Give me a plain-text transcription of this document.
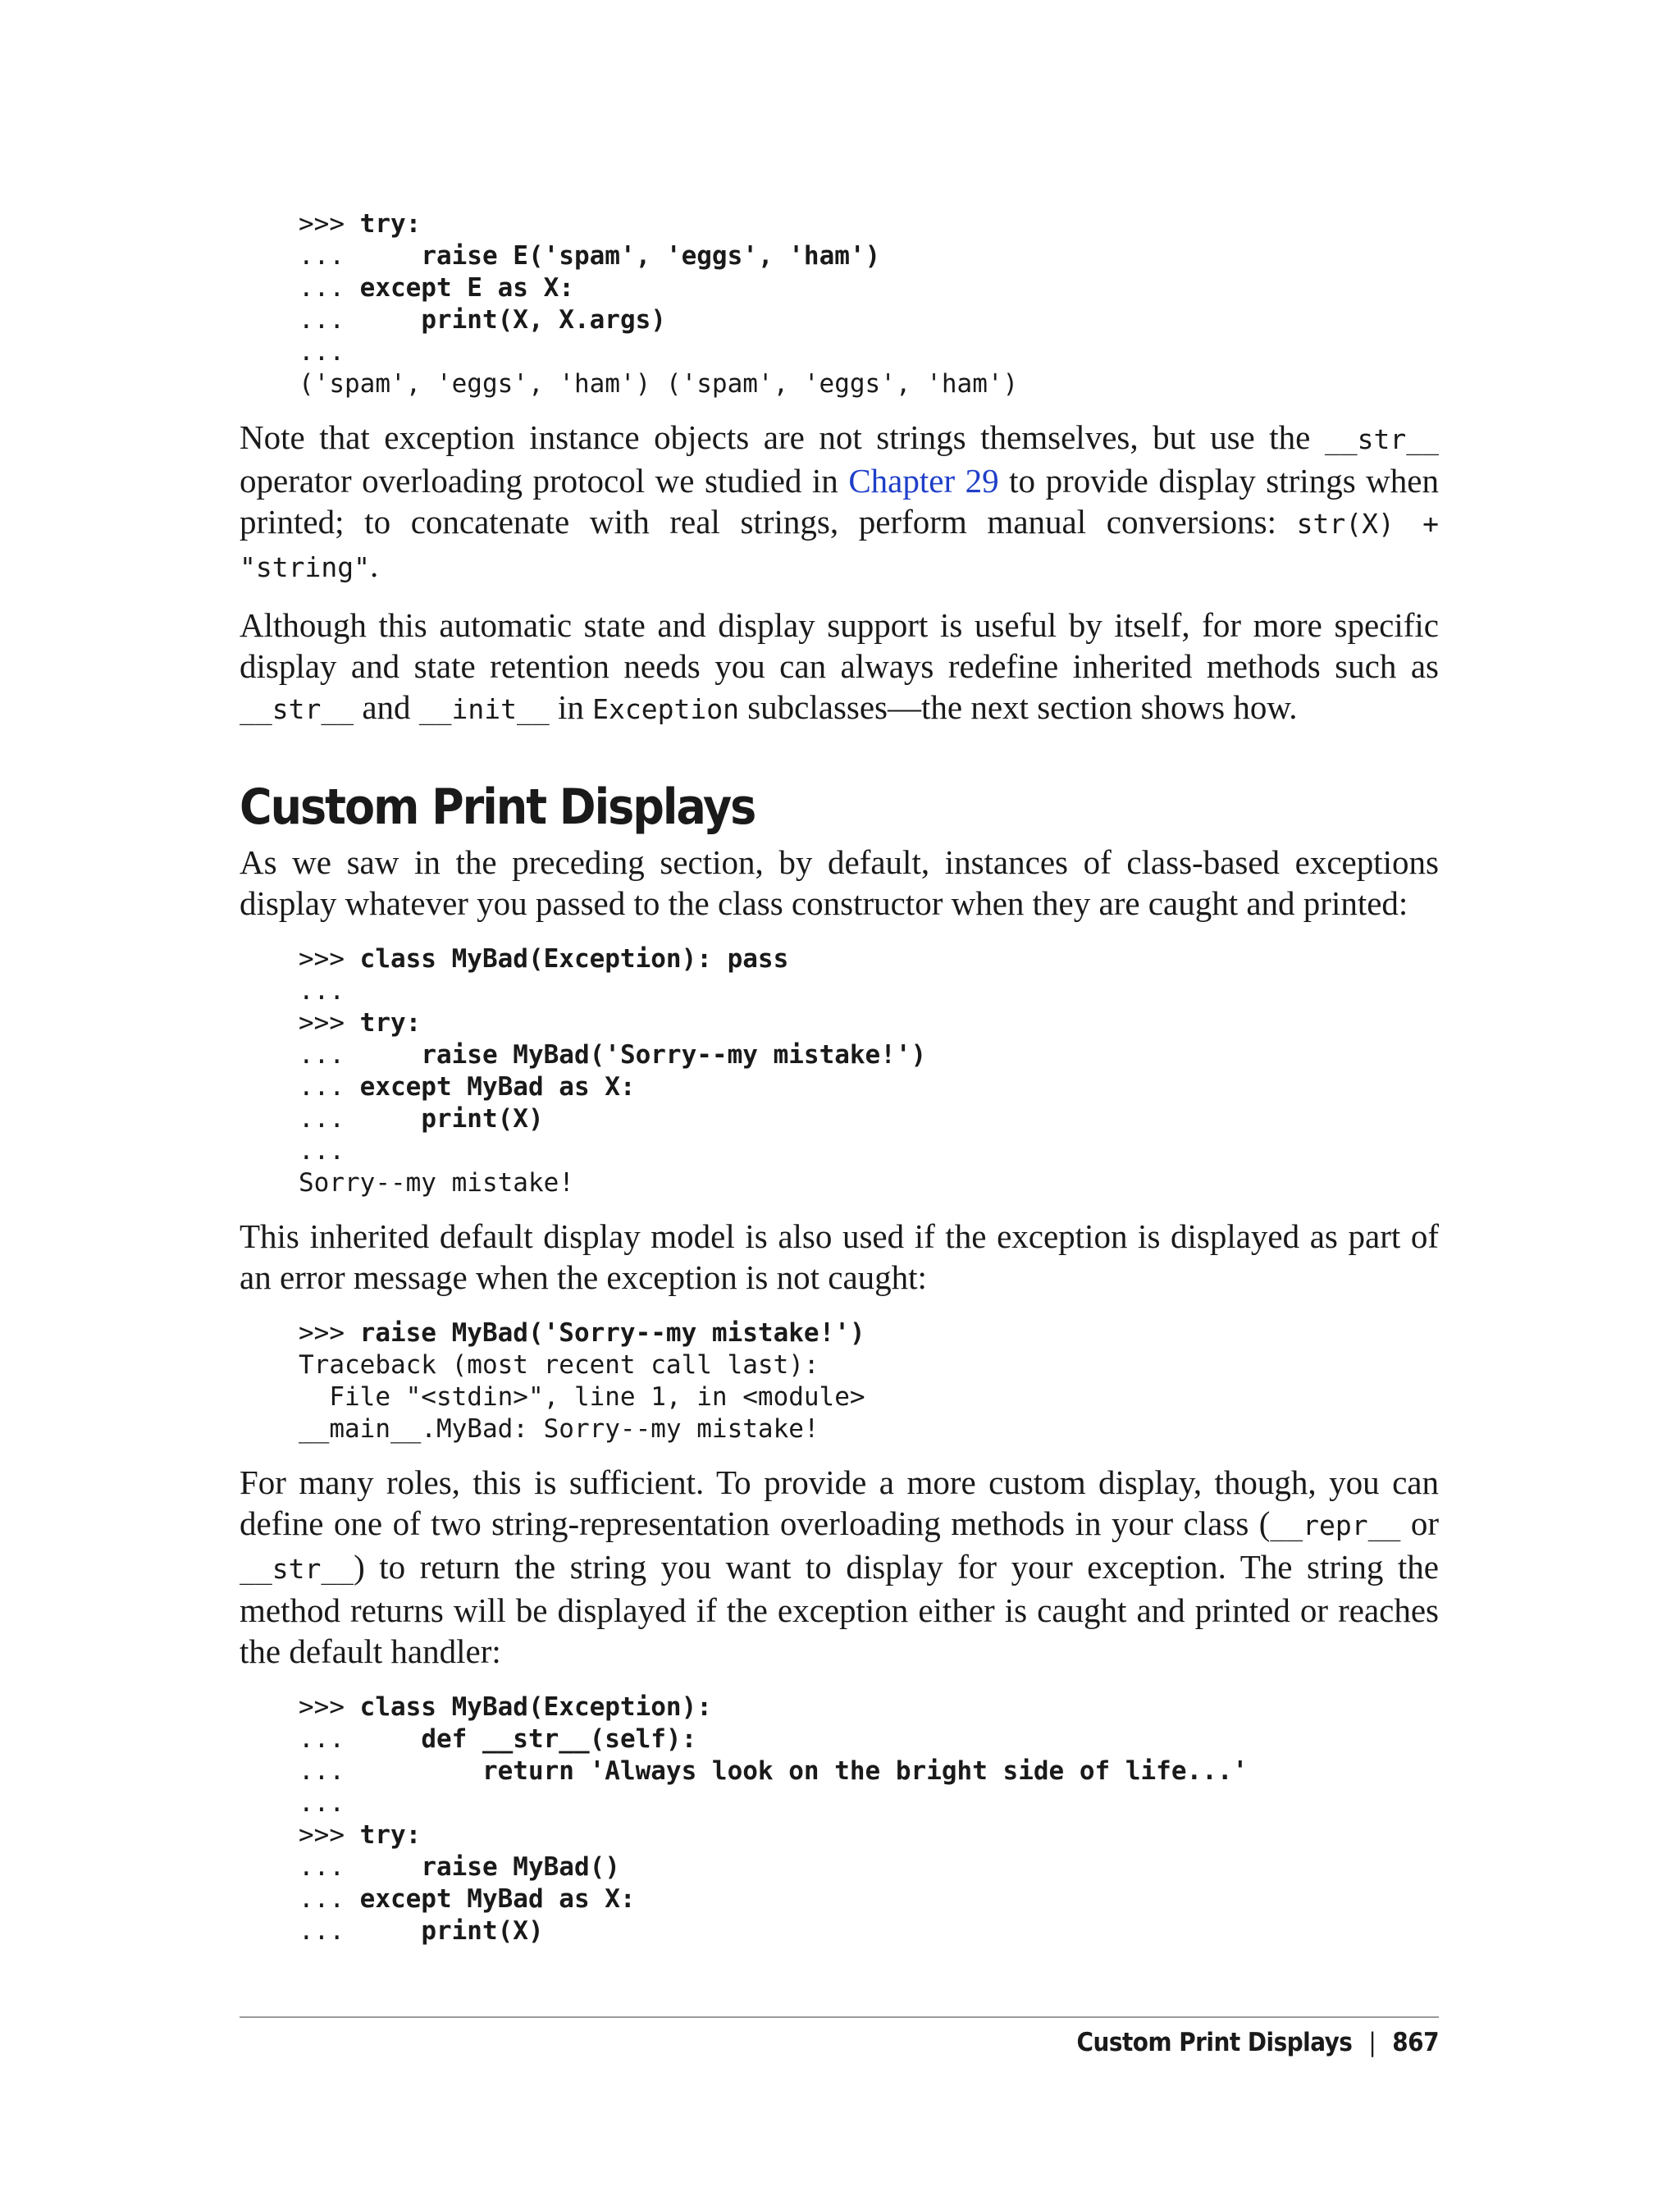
>>> try:
...     raise E('spam', 'eggs', 'ham')
... except E as X:
...     print(X, X.args)
...
('spam', 'eggs', 'ham') ('spam', 'eggs', 'ham')

Note that exception instance objects are not strings themselves, but use the __str__ operator overloading protocol we studied in Chapter 29 to provide display strings when printed; to concatenate with real strings, perform manual conversions: str(X) + "string".

Although this automatic state and display support is useful by itself, for more specific display and state retention needs you can always redefine inherited methods such as __str__ and __init__ in Exception subclasses—the next section shows how.

Custom Print Displays

As we saw in the preceding section, by default, instances of class-based exceptions display whatever you passed to the class constructor when they are caught and printed:

>>> class MyBad(Exception): pass
...
>>> try:
...     raise MyBad('Sorry--my mistake!')
... except MyBad as X:
...     print(X)
...
Sorry--my mistake!

This inherited default display model is also used if the exception is displayed as part of an error message when the exception is not caught:

>>> raise MyBad('Sorry--my mistake!')
Traceback (most recent call last):
File "<stdin>", line 1, in <module>
__main__.MyBad: Sorry--my mistake!

For many roles, this is sufficient. To provide a more custom display, though, you can define one of two string-representation overloading methods in your class (__repr__ or __str__) to return the string you want to display for your exception. The string the method returns will be displayed if the exception either is caught and printed or reaches the default handler:

>>> class MyBad(Exception):
...     def __str__(self):
...         return 'Always look on the bright side of life...'
...
>>> try:
...     raise MyBad()
... except MyBad as X:
...     print(X)
Custom Print Displays | 867
